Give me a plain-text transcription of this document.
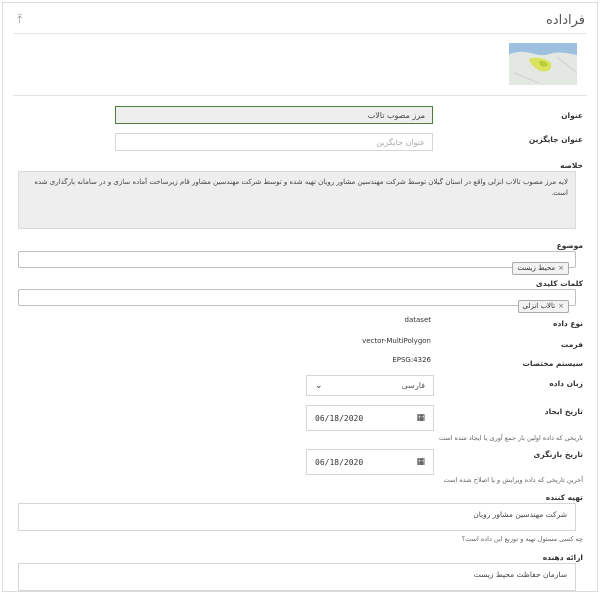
فراداده
⤒
عنوان
مرز مصوب تالاب
عنوان جایگزین
عنوان جایگزین
خلاصه
لایه مرز مصوب تالاب انزلی واقع در استان گیلان توسط شرکت مهندسین مشاور رویان تهیه شده و توسط شرکت مهندسین مشاور قام زیرساخت آماده سازی و در سامانه بارگذاری شده است.
موضوع
×
محیط زیست
کلمات کلیدی
×
تالاب انزلی
نوع داده
dataset
فرمت
vector-MultiPolygon
سیستم مختصات
EPSG:4326
زبان داده
⌄	فارسی
تاریخ ایجاد
06/18/2020	▦
تاریخی که داده اولین بار جمع آوری یا ایجاد شده است
تاریخ بازنگری
06/18/2020	▦
آخرین تاریخی که داده ویرایش و یا اصلاح شده است
تهیه کننده
شرکت مهندسین مشاور رویان
چه کسی مسئول تهیه و توزیع این داده است؟
ارائه دهنده
سازمان حفاظت محیط زیست
